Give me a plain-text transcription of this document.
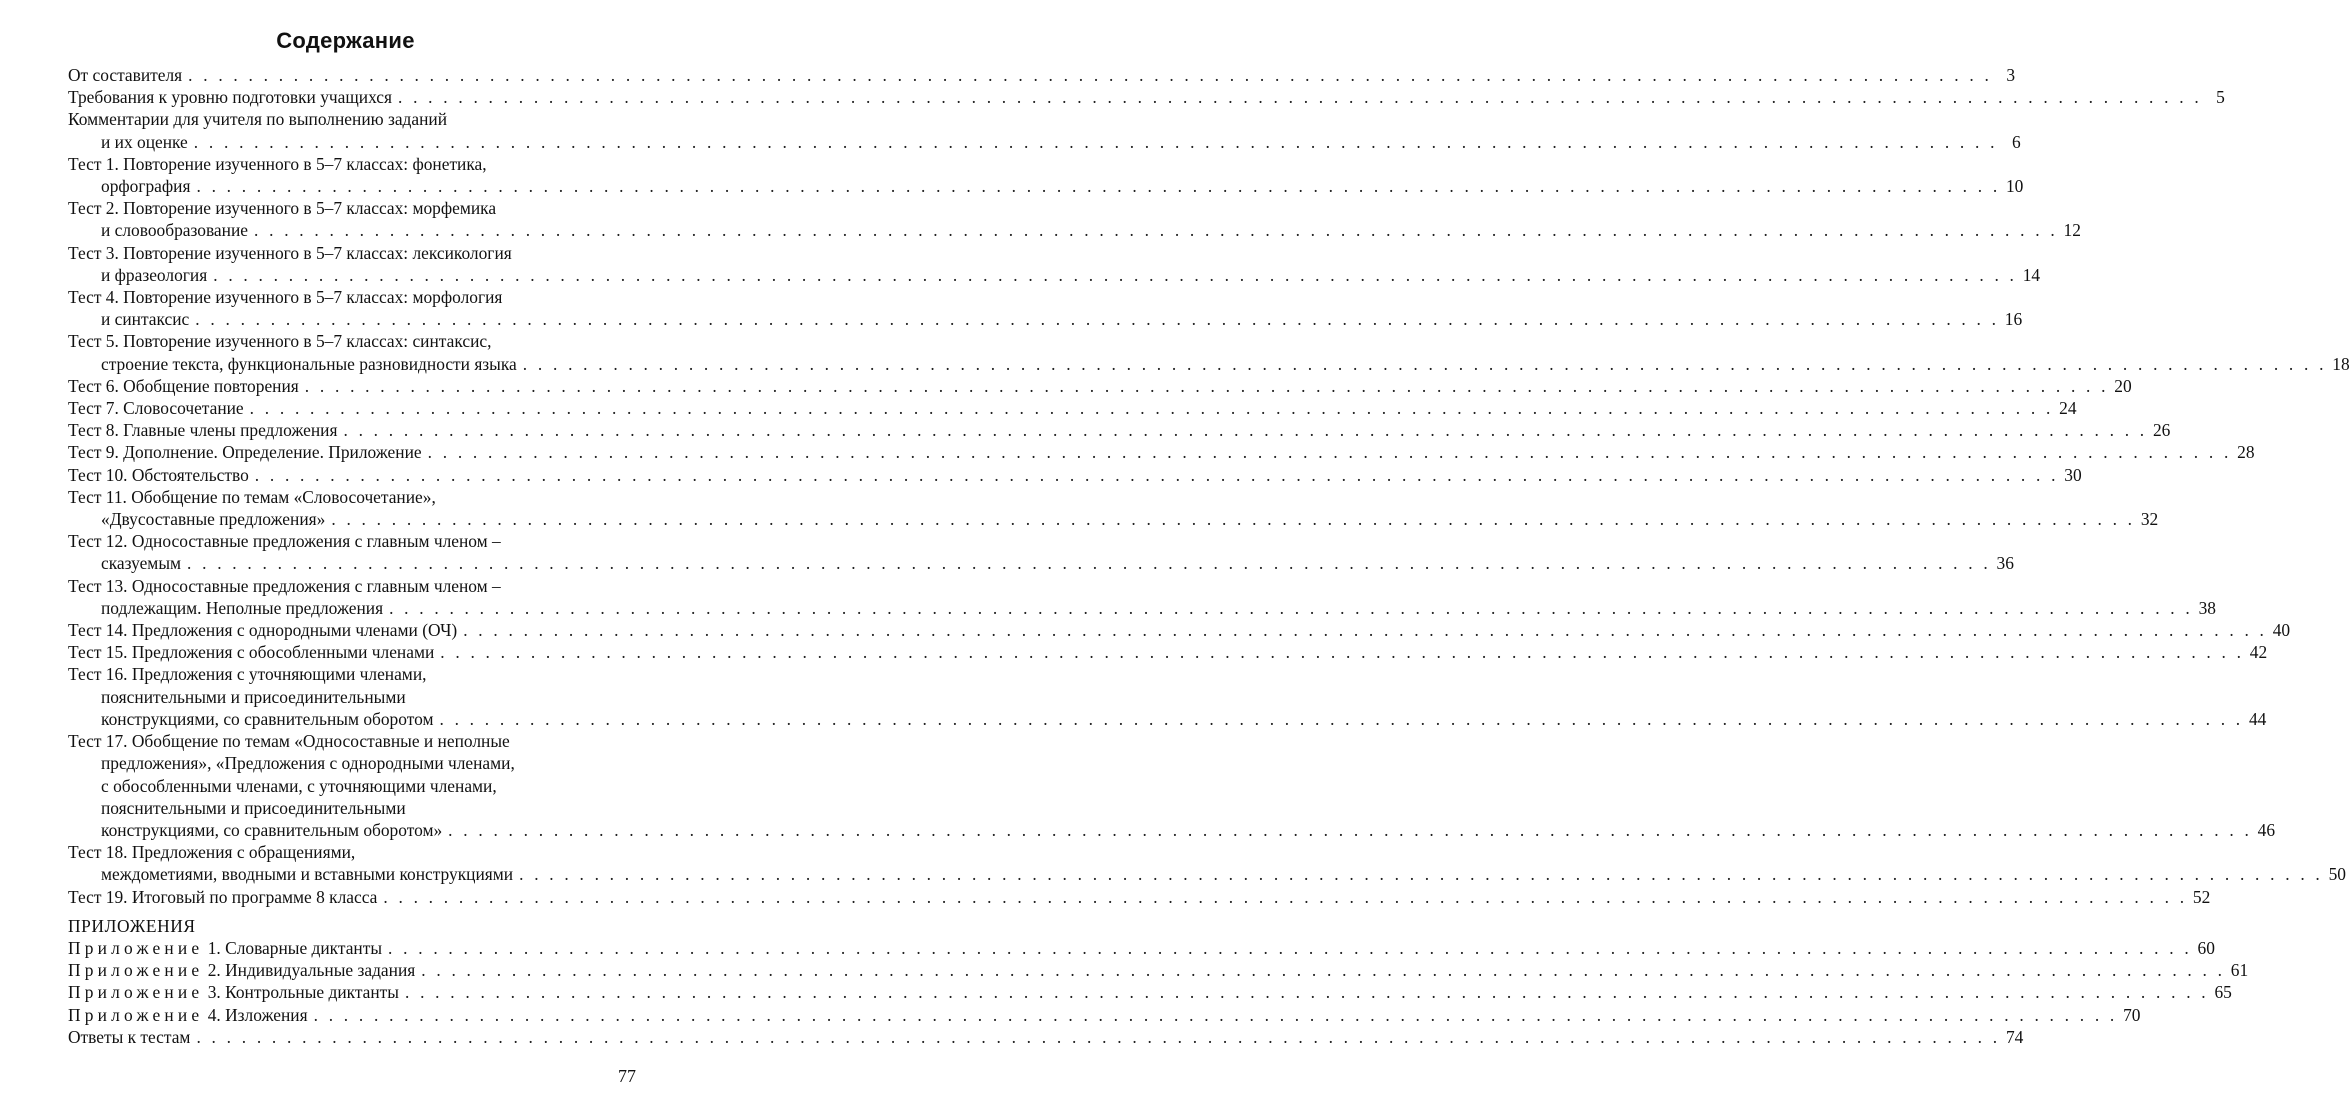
Содержание
От составителя . . . . . . . . . . . . . . . . . . . . . . . . . . . . . . . . . . . . . . . . . . . . . . . . . . . . . . . . . . . . . . . . . . . . . . . . . . . . . . . . . . . . . . . . . . . . . . . . . . . . . . . . . . . . . . . . . . . . . . . . 3
Требования к уровню подготовки учащихся . . . . . . . . . . . . . . . . . . . . . . . . . . . . . . . . . . . . . . . . . . . . . . . . . . . . . . . . . . . . . . . . . . . . . . . . . . . . . . . . . . . . . . . . . . . . . . . . . . . . . . . . . . . . . . . . . . . . . . . . 5
Комментарии для учителя по выполнению заданий
и их оценке . . . . . . . . . . . . . . . . . . . . . . . . . . . . . . . . . . . . . . . . . . . . . . . . . . . . . . . . . . . . . . . . . . . . . . . . . . . . . . . . . . . . . . . . . . . . . . . . . . . . . . . . . . . . . . . . . . . . . . . . 6
Тест 1. Повторение изученного в 5–7 классах: фонетика,
орфография . . . . . . . . . . . . . . . . . . . . . . . . . . . . . . . . . . . . . . . . . . . . . . . . . . . . . . . . . . . . . . . . . . . . . . . . . . . . . . . . . . . . . . . . . . . . . . . . . . . . . . . . . . . . . . . . . . . . . . . . 10
Тест 2. Повторение изученного в 5–7 классах: морфемика
и словообразование . . . . . . . . . . . . . . . . . . . . . . . . . . . . . . . . . . . . . . . . . . . . . . . . . . . . . . . . . . . . . . . . . . . . . . . . . . . . . . . . . . . . . . . . . . . . . . . . . . . . . . . . . . . . . . . . . . . . . . . . 12
Тест 3. Повторение изученного в 5–7 классах: лексикология
и фразеология . . . . . . . . . . . . . . . . . . . . . . . . . . . . . . . . . . . . . . . . . . . . . . . . . . . . . . . . . . . . . . . . . . . . . . . . . . . . . . . . . . . . . . . . . . . . . . . . . . . . . . . . . . . . . . . . . . . . . . . . 14
Тест 4. Повторение изученного в 5–7 классах: морфология
и синтаксис . . . . . . . . . . . . . . . . . . . . . . . . . . . . . . . . . . . . . . . . . . . . . . . . . . . . . . . . . . . . . . . . . . . . . . . . . . . . . . . . . . . . . . . . . . . . . . . . . . . . . . . . . . . . . . . . . . . . . . . . 16
Тест 5. Повторение изученного в 5–7 классах: синтаксис,
строение текста, функциональные разновидности языка . . . . . . . . . . . . . . . . . . . . . . . . . . . . . . . . . . . . . . . . . . . . . . . . . . . . . . . . . . . . . . . . . . . . . . . . . . . . . . . . . . . . . . . . . . . . . . . . . . . . . . . . . . . . . . . . . . . . . . . . 18
Тест 6. Обобщение повторения . . . . . . . . . . . . . . . . . . . . . . . . . . . . . . . . . . . . . . . . . . . . . . . . . . . . . . . . . . . . . . . . . . . . . . . . . . . . . . . . . . . . . . . . . . . . . . . . . . . . . . . . . . . . . . . . . . . . . . . . 20
Тест 7. Словосочетание . . . . . . . . . . . . . . . . . . . . . . . . . . . . . . . . . . . . . . . . . . . . . . . . . . . . . . . . . . . . . . . . . . . . . . . . . . . . . . . . . . . . . . . . . . . . . . . . . . . . . . . . . . . . . . . . . . . . . . . . 24
Тест 8. Главные члены предложения . . . . . . . . . . . . . . . . . . . . . . . . . . . . . . . . . . . . . . . . . . . . . . . . . . . . . . . . . . . . . . . . . . . . . . . . . . . . . . . . . . . . . . . . . . . . . . . . . . . . . . . . . . . . . . . . . . . . . . . . 26
Тест 9. Дополнение. Определение. Приложение . . . . . . . . . . . . . . . . . . . . . . . . . . . . . . . . . . . . . . . . . . . . . . . . . . . . . . . . . . . . . . . . . . . . . . . . . . . . . . . . . . . . . . . . . . . . . . . . . . . . . . . . . . . . . . . . . . . . . . . . 28
Тест 10. Обстоятельство . . . . . . . . . . . . . . . . . . . . . . . . . . . . . . . . . . . . . . . . . . . . . . . . . . . . . . . . . . . . . . . . . . . . . . . . . . . . . . . . . . . . . . . . . . . . . . . . . . . . . . . . . . . . . . . . . . . . . . . . 30
Тест 11. Обобщение по темам «Словосочетание»,
«Двусоставные предложения» . . . . . . . . . . . . . . . . . . . . . . . . . . . . . . . . . . . . . . . . . . . . . . . . . . . . . . . . . . . . . . . . . . . . . . . . . . . . . . . . . . . . . . . . . . . . . . . . . . . . . . . . . . . . . . . . . . . . . . . . 32
Тест 12. Односоставные предложения с главным членом –
сказуемым . . . . . . . . . . . . . . . . . . . . . . . . . . . . . . . . . . . . . . . . . . . . . . . . . . . . . . . . . . . . . . . . . . . . . . . . . . . . . . . . . . . . . . . . . . . . . . . . . . . . . . . . . . . . . . . . . . . . . . . . 36
Тест 13. Односоставные предложения с главным членом –
подлежащим. Неполные предложения . . . . . . . . . . . . . . . . . . . . . . . . . . . . . . . . . . . . . . . . . . . . . . . . . . . . . . . . . . . . . . . . . . . . . . . . . . . . . . . . . . . . . . . . . . . . . . . . . . . . . . . . . . . . . . . . . . . . . . . . 38
Тест 14. Предложения с однородными членами (ОЧ) . . . . . . . . . . . . . . . . . . . . . . . . . . . . . . . . . . . . . . . . . . . . . . . . . . . . . . . . . . . . . . . . . . . . . . . . . . . . . . . . . . . . . . . . . . . . . . . . . . . . . . . . . . . . . . . . . . . . . . . . 40
Тест 15. Предложения с обособленными членами . . . . . . . . . . . . . . . . . . . . . . . . . . . . . . . . . . . . . . . . . . . . . . . . . . . . . . . . . . . . . . . . . . . . . . . . . . . . . . . . . . . . . . . . . . . . . . . . . . . . . . . . . . . . . . . . . . . . . . . . 42
Тест 16. Предложения с уточняющими членами,
пояснительными и присоединительными
конструкциями, со сравнительным оборотом . . . . . . . . . . . . . . . . . . . . . . . . . . . . . . . . . . . . . . . . . . . . . . . . . . . . . . . . . . . . . . . . . . . . . . . . . . . . . . . . . . . . . . . . . . . . . . . . . . . . . . . . . . . . . . . . . . . . . . . . 44
Тест 17. Обобщение по темам «Односоставные и неполные
предложения», «Предложения с однородными членами,
с обособленными членами, с уточняющими членами,
пояснительными и присоединительными
конструкциями, со сравнительным оборотом» . . . . . . . . . . . . . . . . . . . . . . . . . . . . . . . . . . . . . . . . . . . . . . . . . . . . . . . . . . . . . . . . . . . . . . . . . . . . . . . . . . . . . . . . . . . . . . . . . . . . . . . . . . . . . . . . . . . . . . . . 46
Тест 18. Предложения с обращениями,
междометиями, вводными и вставными конструкциями . . . . . . . . . . . . . . . . . . . . . . . . . . . . . . . . . . . . . . . . . . . . . . . . . . . . . . . . . . . . . . . . . . . . . . . . . . . . . . . . . . . . . . . . . . . . . . . . . . . . . . . . . . . . . . . . . . . . . . . . 50
Тест 19. Итоговый по программе 8 класса . . . . . . . . . . . . . . . . . . . . . . . . . . . . . . . . . . . . . . . . . . . . . . . . . . . . . . . . . . . . . . . . . . . . . . . . . . . . . . . . . . . . . . . . . . . . . . . . . . . . . . . . . . . . . . . . . . . . . . . . 52
ПРИЛОЖЕНИЯ
Приложение 1. Словарные диктанты . . . . . . . . . . . . . . . . . . . . . . . . . . . . . . . . . . . . . . . . . . . . . . . . . . . . . . . . . . . . . . . . . . . . . . . . . . . . . . . . . . . . . . . . . . . . . . . . . . . . . . . . . . . . . . . . . . . . . . . . 60
Приложение 2. Индивидуальные задания . . . . . . . . . . . . . . . . . . . . . . . . . . . . . . . . . . . . . . . . . . . . . . . . . . . . . . . . . . . . . . . . . . . . . . . . . . . . . . . . . . . . . . . . . . . . . . . . . . . . . . . . . . . . . . . . . . . . . . . . 61
Приложение 3. Контрольные диктанты . . . . . . . . . . . . . . . . . . . . . . . . . . . . . . . . . . . . . . . . . . . . . . . . . . . . . . . . . . . . . . . . . . . . . . . . . . . . . . . . . . . . . . . . . . . . . . . . . . . . . . . . . . . . . . . . . . . . . . . . 65
Приложение 4. Изложения . . . . . . . . . . . . . . . . . . . . . . . . . . . . . . . . . . . . . . . . . . . . . . . . . . . . . . . . . . . . . . . . . . . . . . . . . . . . . . . . . . . . . . . . . . . . . . . . . . . . . . . . . . . . . . . . . . . . . . . . 70
Ответы к тестам . . . . . . . . . . . . . . . . . . . . . . . . . . . . . . . . . . . . . . . . . . . . . . . . . . . . . . . . . . . . . . . . . . . . . . . . . . . . . . . . . . . . . . . . . . . . . . . . . . . . . . . . . . . . . . . . . . . . . . . . 74
77
